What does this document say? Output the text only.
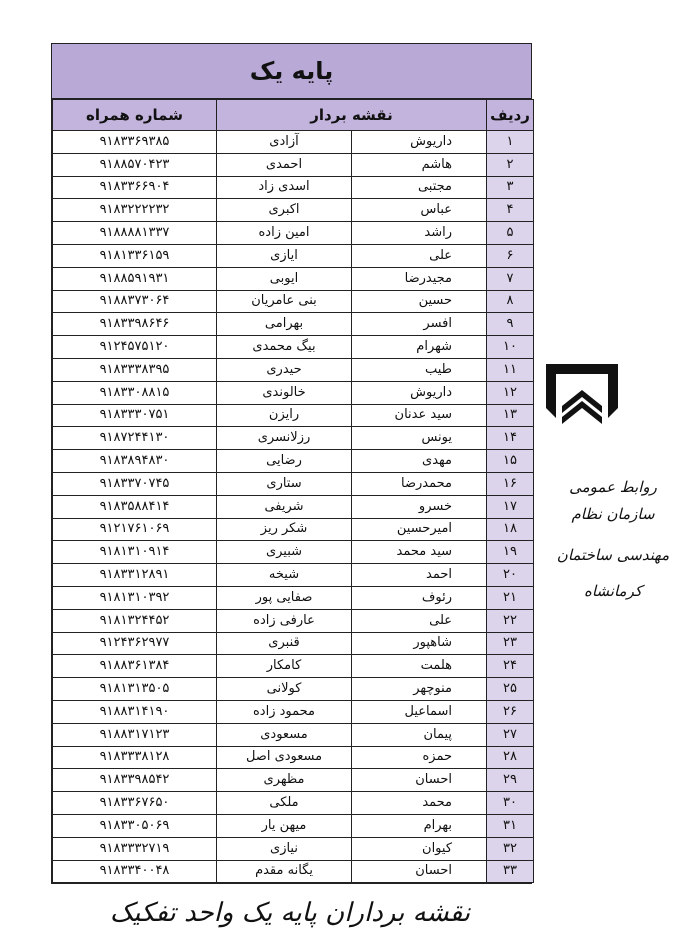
پایه یک
ردیف	نقشه بردار		شماره همراه
۱	داریوش	آزادی	۹۱۸۳۳۶۹۳۸۵
۲	هاشم	احمدی	۹۱۸۸۵۷۰۴۲۳
۳	مجتبی	اسدی زاد	۹۱۸۳۳۶۶۹۰۴
۴	عباس	اکبری	۹۱۸۳۲۲۲۲۳۲
۵	راشد	امین زاده	۹۱۸۸۸۸۱۳۳۷
۶	علی	ایازی	۹۱۸۱۳۳۶۱۵۹
۷	مجیدرضا	ایوبی	۹۱۸۸۵۹۱۹۳۱
۸	حسین	بنی عامریان	۹۱۸۸۳۷۳۰۶۴
۹	افسر	بهرامی	۹۱۸۳۳۹۸۶۴۶
۱۰	شهرام	بیگ محمدی	۹۱۲۴۵۷۵۱۲۰
۱۱	طیب	حیدری	۹۱۸۳۳۳۸۳۹۵
۱۲	داریوش	خالوندی	۹۱۸۳۳۰۸۸۱۵
۱۳	سید عدنان	رایزن	۹۱۸۳۳۳۰۷۵۱
۱۴	یونس	رزلانسری	۹۱۸۷۲۴۴۱۳۰
۱۵	مهدی	رضایی	۹۱۸۳۸۹۴۸۳۰
۱۶	محمدرضا	ستاری	۹۱۸۳۳۷۰۷۴۵
۱۷	خسرو	شریفی	۹۱۸۳۵۸۸۴۱۴
۱۸	امیرحسین	شکر ریز	۹۱۲۱۷۶۱۰۶۹
۱۹	سید محمد	شبیری	۹۱۸۱۳۱۰۹۱۴
۲۰	احمد	شیخه	۹۱۸۳۳۱۲۸۹۱
۲۱	رئوف	صفایی پور	۹۱۸۱۳۱۰۳۹۲
۲۲	علی	عارفی زاده	۹۱۸۱۳۲۴۴۵۲
۲۳	شاهپور	قنبری	۹۱۲۴۳۶۲۹۷۷
۲۴	هلمت	کامکار	۹۱۸۸۳۶۱۳۸۴
۲۵	منوچهر	کولانی	۹۱۸۱۳۱۳۵۰۵
۲۶	اسماعیل	محمود زاده	۹۱۸۸۳۱۴۱۹۰
۲۷	پیمان	مسعودی	۹۱۸۸۳۱۷۱۲۳
۲۸	حمزه	مسعودی اصل	۹۱۸۳۳۳۸۱۲۸
۲۹	احسان	مظهری	۹۱۸۳۳۹۸۵۴۲
۳۰	محمد	ملکی	۹۱۸۳۳۶۷۶۵۰
۳۱	بهرام	میهن یار	۹۱۸۳۳۰۵۰۶۹
۳۲	کیوان	نیازی	۹۱۸۳۳۳۲۷۱۹
۳۳	احسان	یگانه مقدم	۹۱۸۳۳۴۰۰۴۸
روابط عمومی
سازمان نظام
مهندسی ساختمان
کرمانشاه
نقشه برداران پایه یک واحد تفکیک
